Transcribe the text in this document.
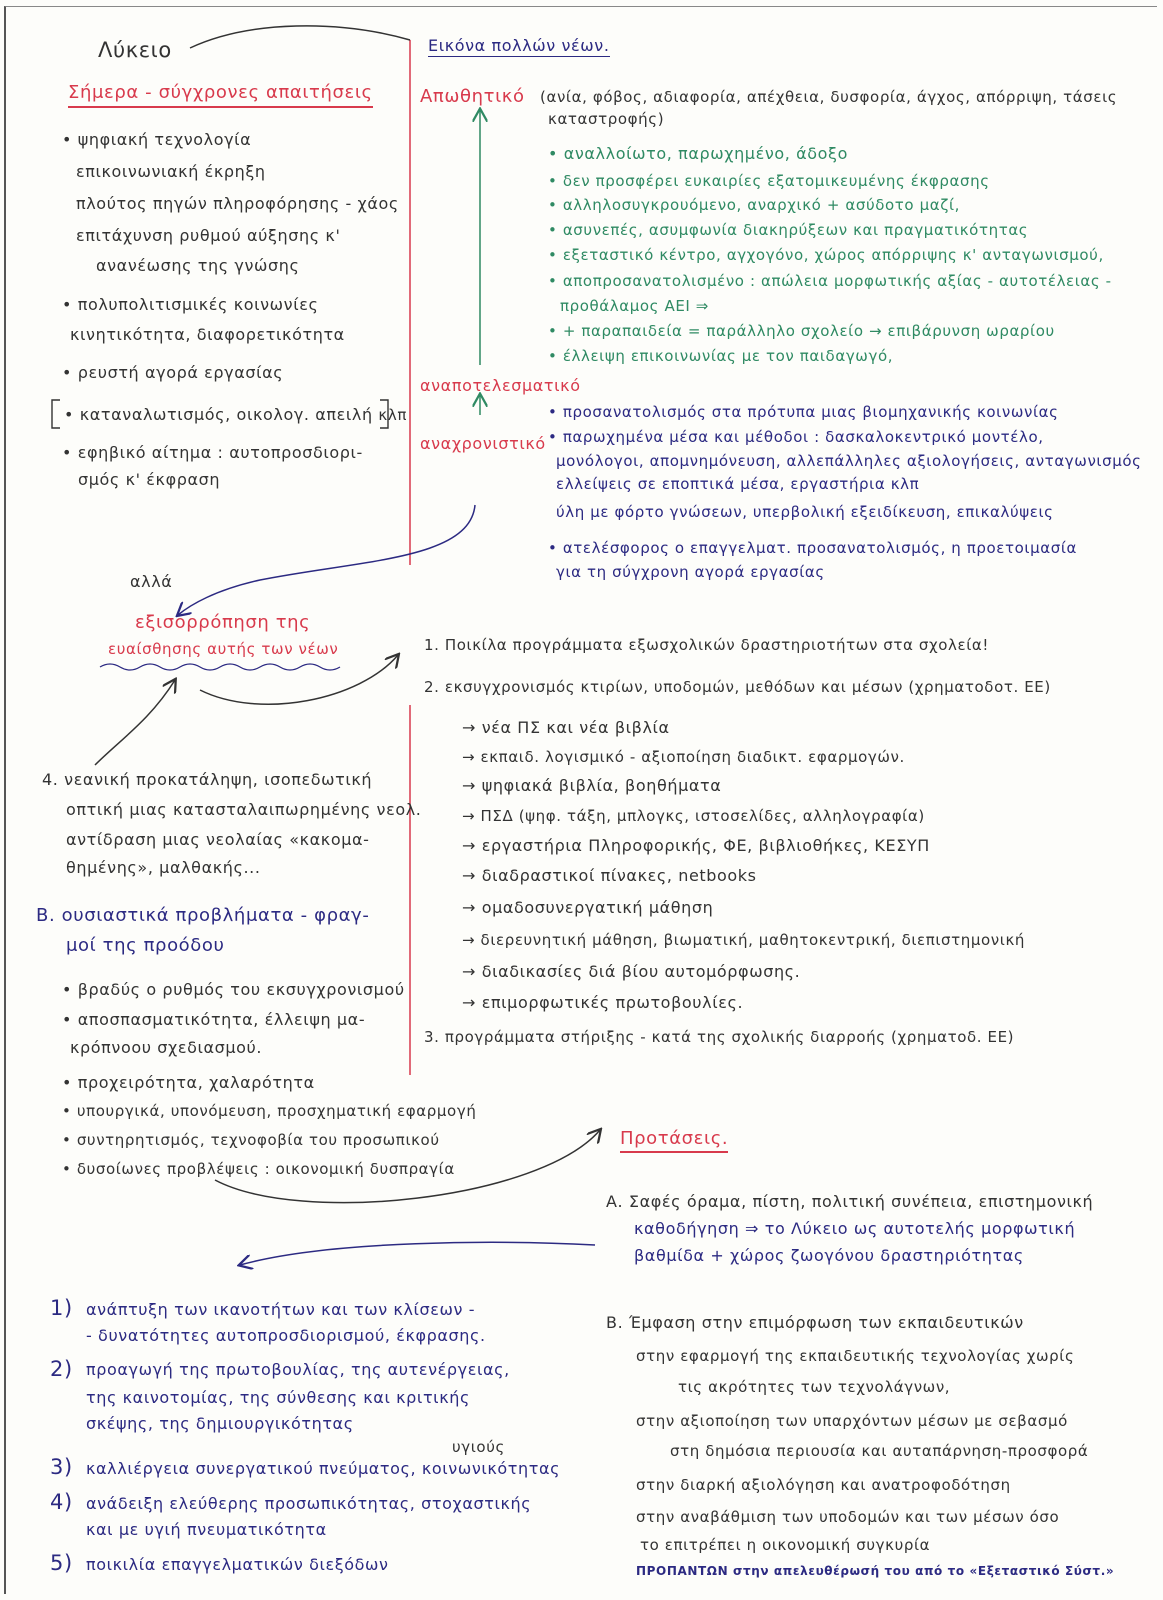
Λύκειο
Σήμερα - σύγχρονες απαιτήσεις
• ψηφιακή τεχνολογία
επικοινωνιακή έκρηξη
πλούτος πηγών πληροφόρησης - χάος
επιτάχυνση ρυθμού αύξησης κ'
ανανέωσης της γνώσης
• πολυπολιτισμικές κοινωνίες
κινητικότητα, διαφορετικότητα
• ρευστή αγορά εργασίας
• καταναλωτισμός, οικολογ. απειλή κλπ
• εφηβικό αίτημα : αυτοπροσδιορι-
σμός κ' έκφραση
αλλά
εξισορρόπηση της
ευαίσθησης αυτής των νέων
4. νεανική προκατάληψη, ισοπεδωτική
οπτική μιας κατασταλαιπωρημένης νεολ.
αντίδραση μιας νεολαίας «κακομα-
θημένης», μαλθακής...
Β. ουσιαστικά προβλήματα - φραγ-
μοί της προόδου
• βραδύς ο ρυθμός του εκσυγχρονισμού
• αποσπασματικότητα, έλλειψη μα-
κρόπνοου σχεδιασμού.
• προχειρότητα, χαλαρότητα
• υπουργικά, υπονόμευση, προσχηματική εφαρμογή
• συντηρητισμός, τεχνοφοβία του προσωπικού
• δυσοίωνες προβλέψεις : οικονομική δυσπραγία
1) ανάπτυξη των ικανοτήτων και των κλίσεων -
- δυνατότητες αυτοπροσδιορισμού, έκφρασης.
2) προαγωγή της πρωτοβουλίας, της αυτενέργειας,
της καινοτομίας, της σύνθεσης και κριτικής
σκέψης, της δημιουργικότητας
υγιούς
3) καλλιέργεια συνεργατικού πνεύματος, κοινωνικότητας
4) ανάδειξη ελεύθερης προσωπικότητας, στοχαστικής
και με υγιή πνευματικότητα
5) ποικιλία επαγγελματικών διεξόδων
Εικόνα πολλών νέων.
Απωθητικό (ανία, φόβος, αδιαφορία, απέχθεια, δυσφορία, άγχος, απόρριψη, τάσεις
καταστροφής)
• αναλλοίωτο, παρωχημένο, άδοξο
• δεν προσφέρει ευκαιρίες εξατομικευμένης έκφρασης
• αλληλοσυγκρουόμενο, αναρχικό + ασύδοτο μαζί,
• ασυνεπές, ασυμφωνία διακηρύξεων και πραγματικότητας
• εξεταστικό κέντρο, αγχογόνο, χώρος απόρριψης κ' ανταγωνισμού,
• αποπροσανατολισμένο : απώλεια μορφωτικής αξίας - αυτοτέλειας -
προθάλαμος ΑΕΙ ⇒
• + παραπαιδεία = παράλληλο σχολείο → επιβάρυνση ωραρίου
• έλλειψη επικοινωνίας με τον παιδαγωγό,
αναποτελεσματικό
αναχρονιστικό
• προσανατολισμός στα πρότυπα μιας βιομηχανικής κοινωνίας
• παρωχημένα μέσα και μέθοδοι : δασκαλοκεντρικό μοντέλο,
μονόλογοι, απομνημόνευση, αλλεπάλληλες αξιολογήσεις, ανταγωνισμός
ελλείψεις σε εποπτικά μέσα, εργαστήρια κλπ
ύλη με φόρτο γνώσεων, υπερβολική εξειδίκευση, επικαλύψεις
• ατελέσφορος ο επαγγελματ. προσανατολισμός, η προετοιμασία
για τη σύγχρονη αγορά εργασίας
1. Ποικίλα προγράμματα εξωσχολικών δραστηριοτήτων στα σχολεία!
2. εκσυγχρονισμός κτιρίων, υποδομών, μεθόδων και μέσων (χρηματοδοτ. ΕΕ)
→ νέα ΠΣ και νέα βιβλία
→ εκπαιδ. λογισμικό - αξιοποίηση διαδικτ. εφαρμογών.
→ ψηφιακά βιβλία, βοηθήματα
→ ΠΣΔ (ψηφ. τάξη, μπλογκς, ιστοσελίδες, αλληλογραφία)
→ εργαστήρια Πληροφορικής, ΦΕ, βιβλιοθήκες, ΚΕΣΥΠ
→ διαδραστικοί πίνακες, netbooks
→ ομαδοσυνεργατική μάθηση
→ διερευνητική μάθηση, βιωματική, μαθητοκεντρική, διεπιστημονική
→ διαδικασίες διά βίου αυτομόρφωσης.
→ επιμορφωτικές πρωτοβουλίες.
3. προγράμματα στήριξης - κατά της σχολικής διαρροής (χρηματοδ. ΕΕ)
Προτάσεις.
Α. Σαφές όραμα, πίστη, πολιτική συνέπεια, επιστημονική
καθοδήγηση ⇒ το Λύκειο ως αυτοτελής μορφωτική
βαθμίδα + χώρος ζωογόνου δραστηριότητας
Β. Έμφαση στην επιμόρφωση των εκπαιδευτικών
στην εφαρμογή της εκπαιδευτικής τεχνολογίας χωρίς
τις ακρότητες των τεχνολάγνων,
στην αξιοποίηση των υπαρχόντων μέσων με σεβασμό
στη δημόσια περιουσία και αυταπάρνηση-προσφορά
στην διαρκή αξιολόγηση και ανατροφοδότηση
στην αναβάθμιση των υποδομών και των μέσων όσο
το επιτρέπει η οικονομική συγκυρία
ΠΡΟΠΑΝΤΩΝ στην απελευθέρωσή του από το «Εξεταστικό Σύστ.»
